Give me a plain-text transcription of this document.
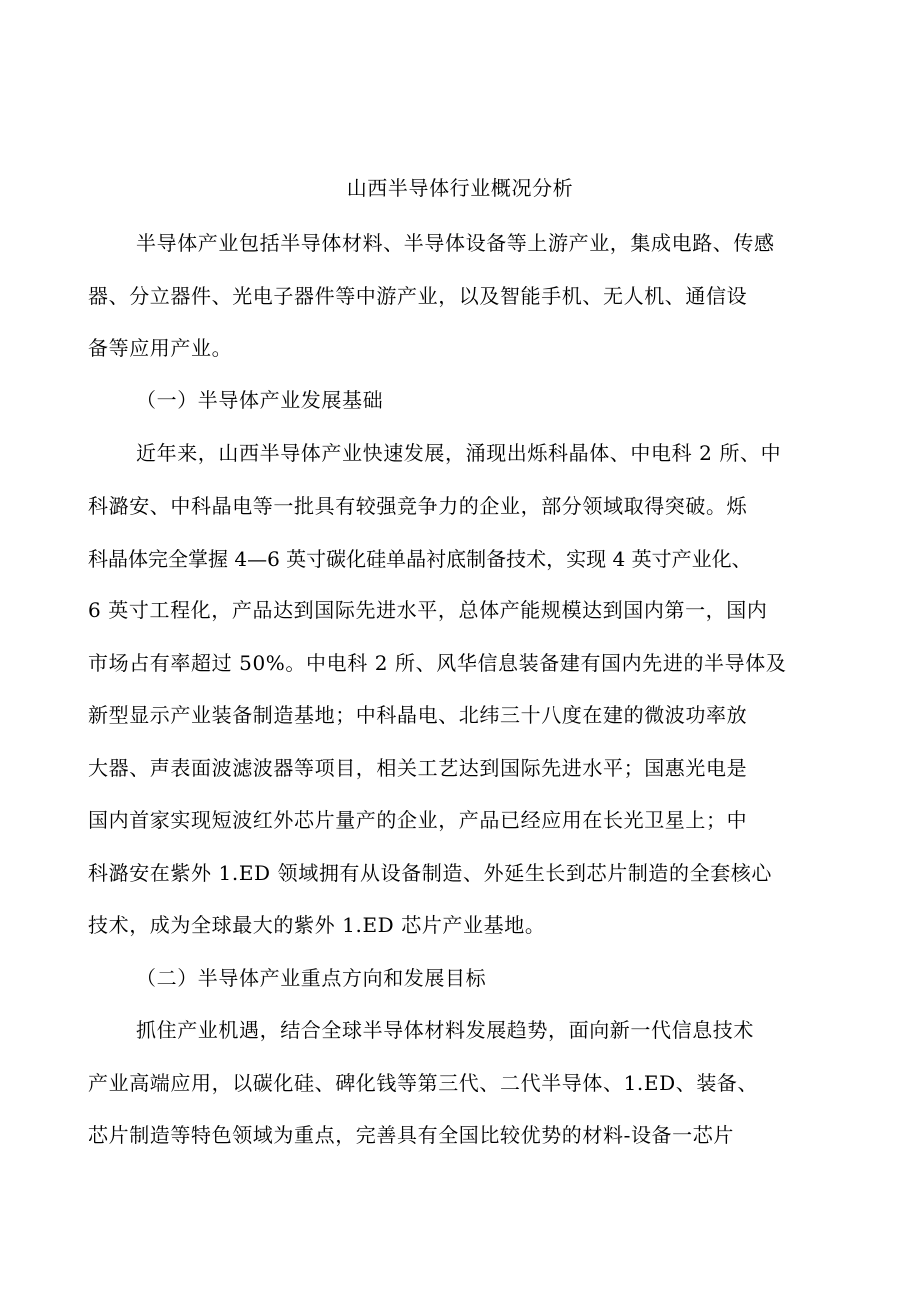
山西半导体行业概况分析

半导体产业包括半导体材料、半导体设备等上游产业，集成电路、传感

器、分立器件、光电子器件等中游产业，以及智能手机、无人机、通信设

备等应用产业。

（一）半导体产业发展基础

近年来，山西半导体产业快速发展，涌现出烁科晶体、中电科 2 所、中

科潞安、中科晶电等一批具有较强竞争力的企业，部分领域取得突破。烁

科晶体完全掌握 4—6 英寸碳化硅单晶衬底制备技术，实现 4 英寸产业化、

6 英寸工程化，产品达到国际先进水平，总体产能规模达到国内第一，国内

市场占有率超过 50%。中电科 2 所、风华信息装备建有国内先进的半导体及

新型显示产业装备制造基地；中科晶电、北纬三十八度在建的微波功率放

大器、声表面波滤波器等项目，相关工艺达到国际先进水平；国惠光电是

国内首家实现短波红外芯片量产的企业，产品已经应用在长光卫星上；中

科潞安在紫外 1.ED 领域拥有从设备制造、外延生长到芯片制造的全套核心

技术，成为全球最大的紫外 1.ED 芯片产业基地。

（二）半导体产业重点方向和发展目标

抓住产业机遇，结合全球半导体材料发展趋势，面向新一代信息技术

产业高端应用，以碳化硅、碑化钱等第三代、二代半导体、1.ED、装备、

芯片制造等特色领域为重点，完善具有全国比较优势的材料-设备一芯片
